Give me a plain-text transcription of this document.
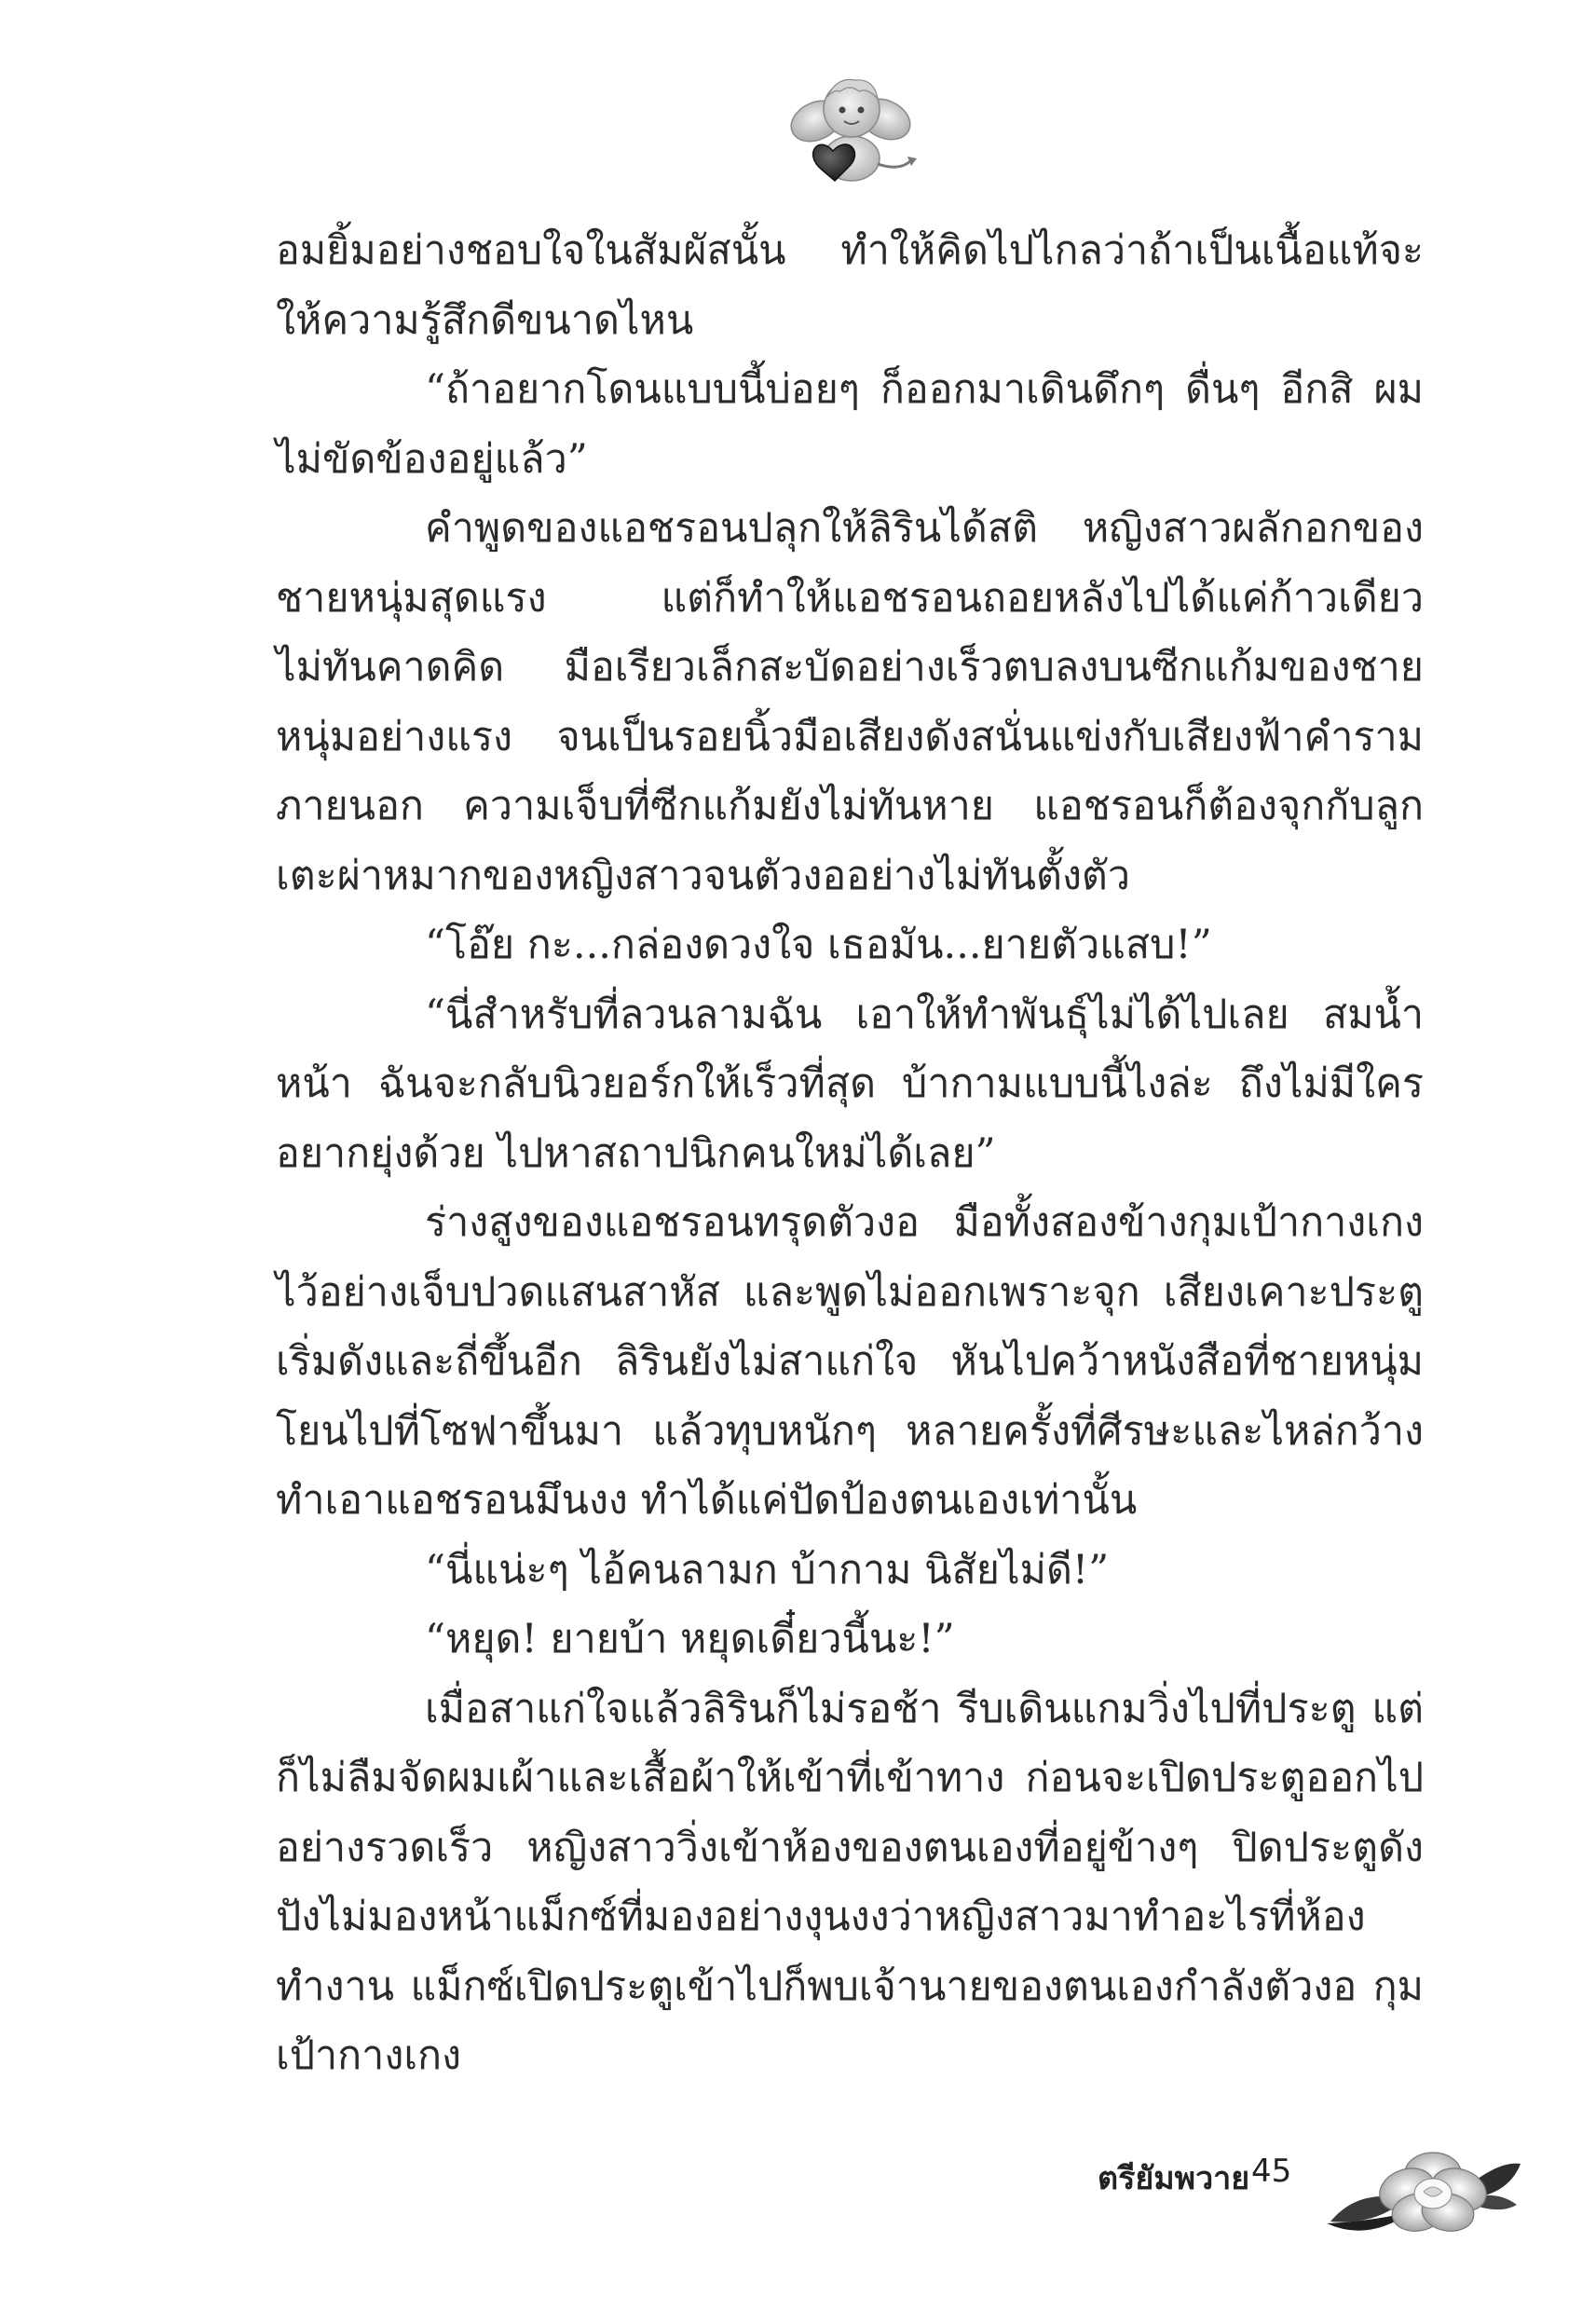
อมยิ้มอย่างชอบใจในสัมผัสนั้น ทำให้คิดไปไกลว่าถ้าเป็นเนื้อแท้จะให้ความรู้สึกดีขนาดไหน

“ถ้าอยากโดนแบบนี้บ่อยๆ ก็ออกมาเดินดึกๆ ดื่นๆ อีกสิ ผมไม่ขัดข้องอยู่แล้ว”

คำพูดของแอชรอนปลุกให้ลิรินได้สติ หญิงสาวผลักอกของชายหนุ่มสุดแรง แต่ก็ทำให้แอชรอนถอยหลังไปได้แค่ก้าวเดียว ไม่ทันคาดคิด มือเรียวเล็กสะบัดอย่างเร็วตบลงบนซีกแก้มของชายหนุ่มอย่างแรง จนเป็นรอยนิ้วมือเสียงดังสนั่นแข่งกับเสียงฟ้าคำรามภายนอก ความเจ็บที่ซีกแก้มยังไม่ทันหาย แอชรอนก็ต้องจุกกับลูกเตะผ่าหมากของหญิงสาวจนตัวงออย่างไม่ทันตั้งตัว

“โอ๊ย กะ...กล่องดวงใจ เธอมัน...ยายตัวแสบ!”

“นี่สำหรับที่ลวนลามฉัน เอาให้ทำพันธุ์ไม่ได้ไปเลย สมน้ำหน้า ฉันจะกลับนิวยอร์กให้เร็วที่สุด บ้ากามแบบนี้ไงล่ะ ถึงไม่มีใครอยากยุ่งด้วย ไปหาสถาปนิกคนใหม่ได้เลย”

ร่างสูงของแอชรอนทรุดตัวงอ มือทั้งสองข้างกุมเป้ากางเกงไว้อย่างเจ็บปวดแสนสาหัส และพูดไม่ออกเพราะจุก เสียงเคาะประตูเริ่มดังและถี่ขึ้นอีก ลิรินยังไม่สาแก่ใจ หันไปคว้าหนังสือที่ชายหนุ่มโยนไปที่โซฟาขึ้นมา แล้วทุบหนักๆ หลายครั้งที่ศีรษะและไหล่กว้าง ทำเอาแอชรอนมึนงง ทำได้แค่ปัดป้องตนเองเท่านั้น

“นี่แน่ะๆ ไอ้คนลามก บ้ากาม นิสัยไม่ดี!”

“หยุด! ยายบ้า หยุดเดี๋ยวนี้นะ!”

เมื่อสาแก่ใจแล้วลิรินก็ไม่รอช้า รีบเดินแกมวิ่งไปที่ประตู แต่ก็ไม่ลืมจัดผมเผ้าและเสื้อผ้าให้เข้าที่เข้าทาง ก่อนจะเปิดประตูออกไปอย่างรวดเร็ว หญิงสาววิ่งเข้าห้องของตนเองที่อยู่ข้างๆ ปิดประตูดังปังไม่มองหน้าแม็กซ์ที่มองอย่างงุนงงว่าหญิงสาวมาทำอะไรที่ห้องทำงาน แม็กซ์เปิดประตูเข้าไปก็พบเจ้านายของตนเองกำลังตัวงอ กุมเป้ากางเกง

ตรียัมพวาย 45
